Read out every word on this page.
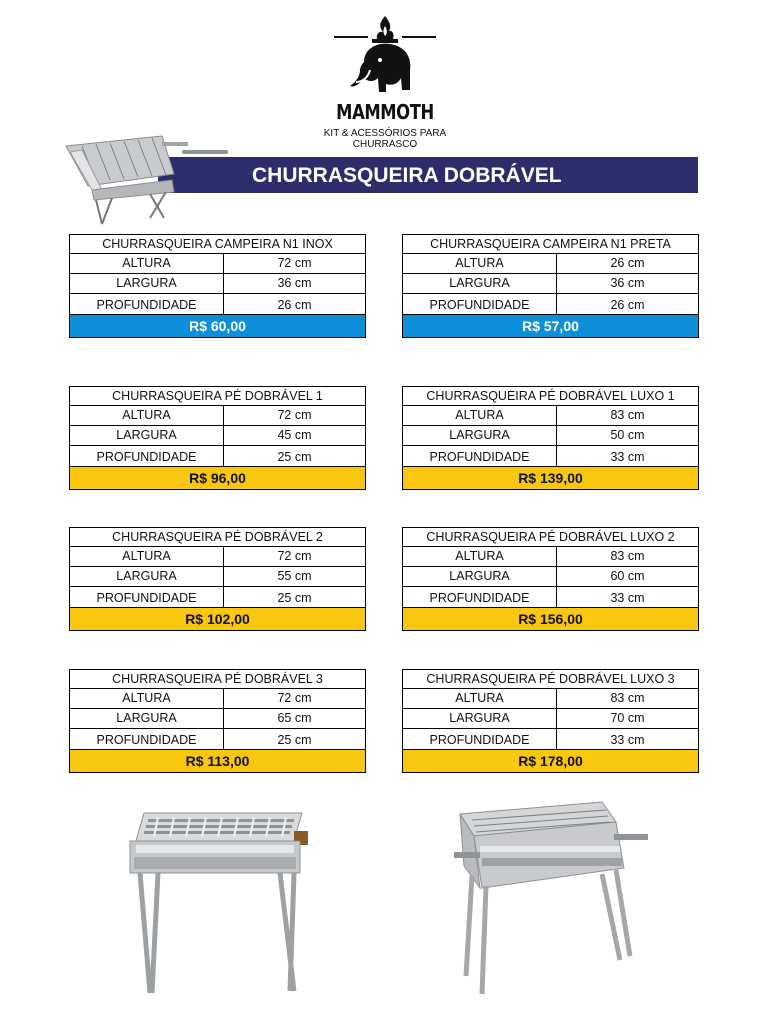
MAMMOTH
KIT & ACESSÓRIOS PARA
CHURRASCO
CHURRASQUEIRA DOBRÁVEL
CHURRASQUEIRA CAMPEIRA N1 INOX
ALTURA	72 cm
LARGURA	36 cm
PROFUNDIDADE	26 cm
R$ 60,00
CHURRASQUEIRA CAMPEIRA N1 PRETA
ALTURA	26 cm
LARGURA	36 cm
PROFUNDIDADE	26 cm
R$ 57,00
CHURRASQUEIRA PÉ DOBRÁVEL 1
ALTURA	72 cm
LARGURA	45 cm
PROFUNDIDADE	25 cm
R$ 96,00
CHURRASQUEIRA PÉ DOBRÁVEL LUXO 1
ALTURA	83 cm
LARGURA	50 cm
PROFUNDIDADE	33 cm
R$ 139,00
CHURRASQUEIRA PÉ DOBRÁVEL 2
ALTURA	72 cm
LARGURA	55 cm
PROFUNDIDADE	25 cm
R$ 102,00
CHURRASQUEIRA PÉ DOBRÁVEL LUXO 2
ALTURA	83 cm
LARGURA	60 cm
PROFUNDIDADE	33 cm
R$ 156,00
CHURRASQUEIRA PÉ DOBRÁVEL 3
ALTURA	72 cm
LARGURA	65 cm
PROFUNDIDADE	25 cm
R$ 113,00
CHURRASQUEIRA PÉ DOBRÁVEL LUXO 3
ALTURA	83 cm
LARGURA	70 cm
PROFUNDIDADE	33 cm
R$ 178,00
